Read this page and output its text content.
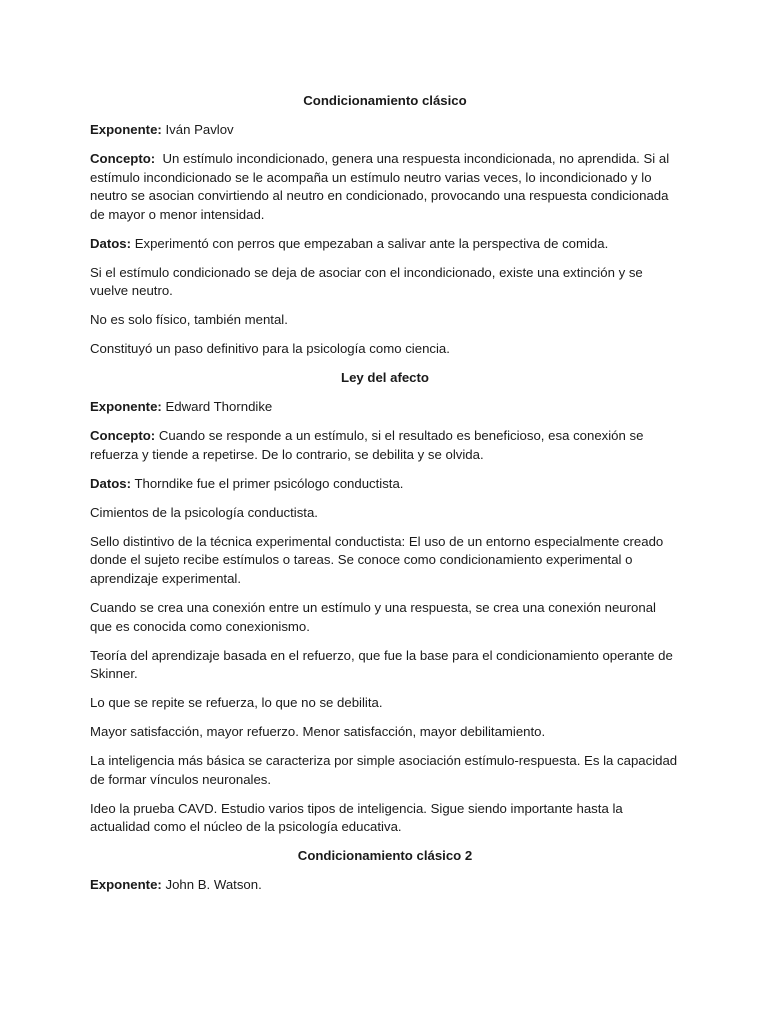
Condicionamiento clásico
Exponente: Iván Pavlov
Concepto:  Un estímulo incondicionado, genera una respuesta incondicionada, no aprendida. Si al estímulo incondicionado se le acompaña un estímulo neutro varias veces, lo incondicionado y lo neutro se asocian convirtiendo al neutro en condicionado, provocando una respuesta condicionada de mayor o menor intensidad.
Datos: Experimentó con perros que empezaban a salivar ante la perspectiva de comida.
Si el estímulo condicionado se deja de asociar con el incondicionado, existe una extinción y se vuelve neutro.
No es solo físico, también mental.
Constituyó un paso definitivo para la psicología como ciencia.
Ley del afecto
Exponente: Edward Thorndike
Concepto: Cuando se responde a un estímulo, si el resultado es beneficioso, esa conexión se refuerza y tiende a repetirse. De lo contrario, se debilita y se olvida.
Datos: Thorndike fue el primer psicólogo conductista.
Cimientos de la psicología conductista.
Sello distintivo de la técnica experimental conductista: El uso de un entorno especialmente creado donde el sujeto recibe estímulos o tareas. Se conoce como condicionamiento experimental o aprendizaje experimental.
Cuando se crea una conexión entre un estímulo y una respuesta, se crea una conexión neuronal que es conocida como conexionismo.
Teoría del aprendizaje basada en el refuerzo, que fue la base para el condicionamiento operante de Skinner.
Lo que se repite se refuerza, lo que no se debilita.
Mayor satisfacción, mayor refuerzo. Menor satisfacción, mayor debilitamiento.
La inteligencia más básica se caracteriza por simple asociación estímulo-respuesta. Es la capacidad de formar vínculos neuronales.
Ideo la prueba CAVD. Estudio varios tipos de inteligencia. Sigue siendo importante hasta la actualidad como el núcleo de la psicología educativa.
Condicionamiento clásico 2
Exponente: John B. Watson.
